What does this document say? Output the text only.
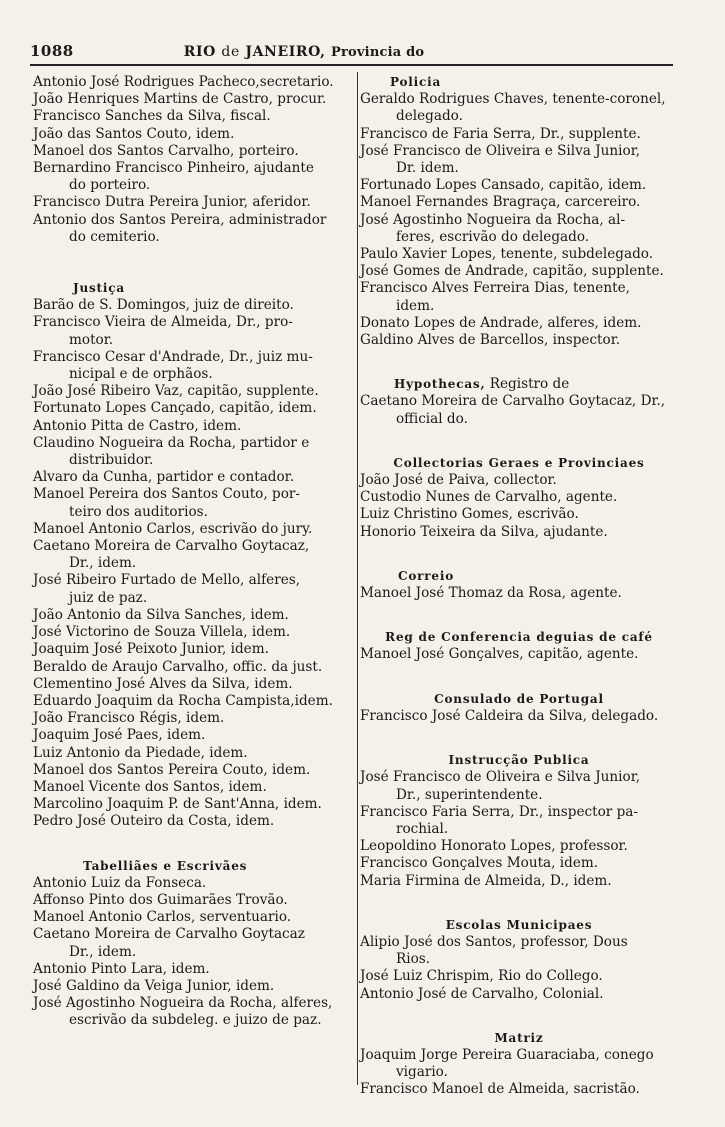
1088	RIO de JANEIRO, Provincia do
Antonio José Rodrigues Pacheco,secretario.
João Henriques Martins de Castro, procur.
Francisco Sanches da Silva, fiscal.
João das Santos Couto, idem.
Manoel dos Santos Carvalho, porteiro.
Bernardino Francisco Pinheiro, ajudante
do porteiro.
Francisco Dutra Pereira Junior, aferidor.
Antonio dos Santos Pereira, administrador
do cemiterio.
Justiça
Barão de S. Domingos, juiz de direito.
Francisco Vieira de Almeida, Dr., pro-
motor.
Francisco Cesar d'Andrade, Dr., juiz mu-
nicipal e de orphãos.
João José Ribeiro Vaz, capitão, supplente.
Fortunato Lopes Cançado, capitão, idem.
Antonio Pitta de Castro, idem.
Claudino Nogueira da Rocha, partidor e
distribuidor.
Alvaro da Cunha, partidor e contador.
Manoel Pereira dos Santos Couto, por-
teiro dos auditorios.
Manoel Antonio Carlos, escrivão do jury.
Caetano Moreira de Carvalho Goytacaz,
Dr., idem.
José Ribeiro Furtado de Mello, alferes,
juiz de paz.
João Antonio da Silva Sanches, idem.
José Victorino de Souza Villela, idem.
Joaquim José Peixoto Junior, idem.
Beraldo de Araujo Carvalho, offic. da just.
Clementino José Alves da Silva, idem.
Eduardo Joaquim da Rocha Campista,idem.
João Francisco Régis, idem.
Joaquim José Paes, idem.
Luiz Antonio da Piedade, idem.
Manoel dos Santos Pereira Couto, idem.
Manoel Vicente dos Santos, idem.
Marcolino Joaquim P. de Sant'Anna, idem.
Pedro José Outeiro da Costa, idem.
Tabelliães e Escrivães
Antonio Luiz da Fonseca.
Affonso Pinto dos Guimarães Trovão.
Manoel Antonio Carlos, serventuario.
Caetano Moreira de Carvalho Goytacaz
Dr., idem.
Antonio Pinto Lara, idem.
José Galdino da Veiga Junior, idem.
José Agostinho Nogueira da Rocha, alferes,
escrivão da subdeleg. e juizo de paz.
Policia
Geraldo Rodrigues Chaves, tenente-coronel,
delegado.
Francisco de Faria Serra, Dr., supplente.
José Francisco de Oliveira e Silva Junior,
Dr. idem.
Fortunado Lopes Cansado, capitão, idem.
Manoel Fernandes Bragraça, carcereiro.
José Agostinho Nogueira da Rocha, al-
feres, escrivão do delegado.
Paulo Xavier Lopes, tenente, subdelegado.
José Gomes de Andrade, capitão, supplente.
Francisco Alves Ferreira Dias, tenente,
idem.
Donato Lopes de Andrade, alferes, idem.
Galdino Alves de Barcellos, inspector.
Hypothecas, Registro de
Caetano Moreira de Carvalho Goytacaz, Dr.,
official do.
Collectorias Geraes e Provinciaes
João José de Paiva, collector.
Custodio Nunes de Carvalho, agente.
Luiz Christino Gomes, escrivão.
Honorio Teixeira da Silva, ajudante.
Correio
Manoel José Thomaz da Rosa, agente.
Reg de Conferencia deguias de café
Manoel José Gonçalves, capitão, agente.
Consulado de Portugal
Francisco José Caldeira da Silva, delegado.
Instrucção Publica
José Francisco de Oliveira e Silva Junior,
Dr., superintendente.
Francisco Faria Serra, Dr., inspector pa-
rochial.
Leopoldino Honorato Lopes, professor.
Francisco Gonçalves Mouta, idem.
Maria Firmina de Almeida, D., idem.
Escolas Municipaes
Alipio José dos Santos, professor, Dous
Rios.
José Luiz Chrispim, Rio do Collego.
Antonio José de Carvalho, Colonial.
Matriz
Joaquim Jorge Pereira Guaraciaba, conego
vigario.
Francisco Manoel de Almeida, sacristão.
